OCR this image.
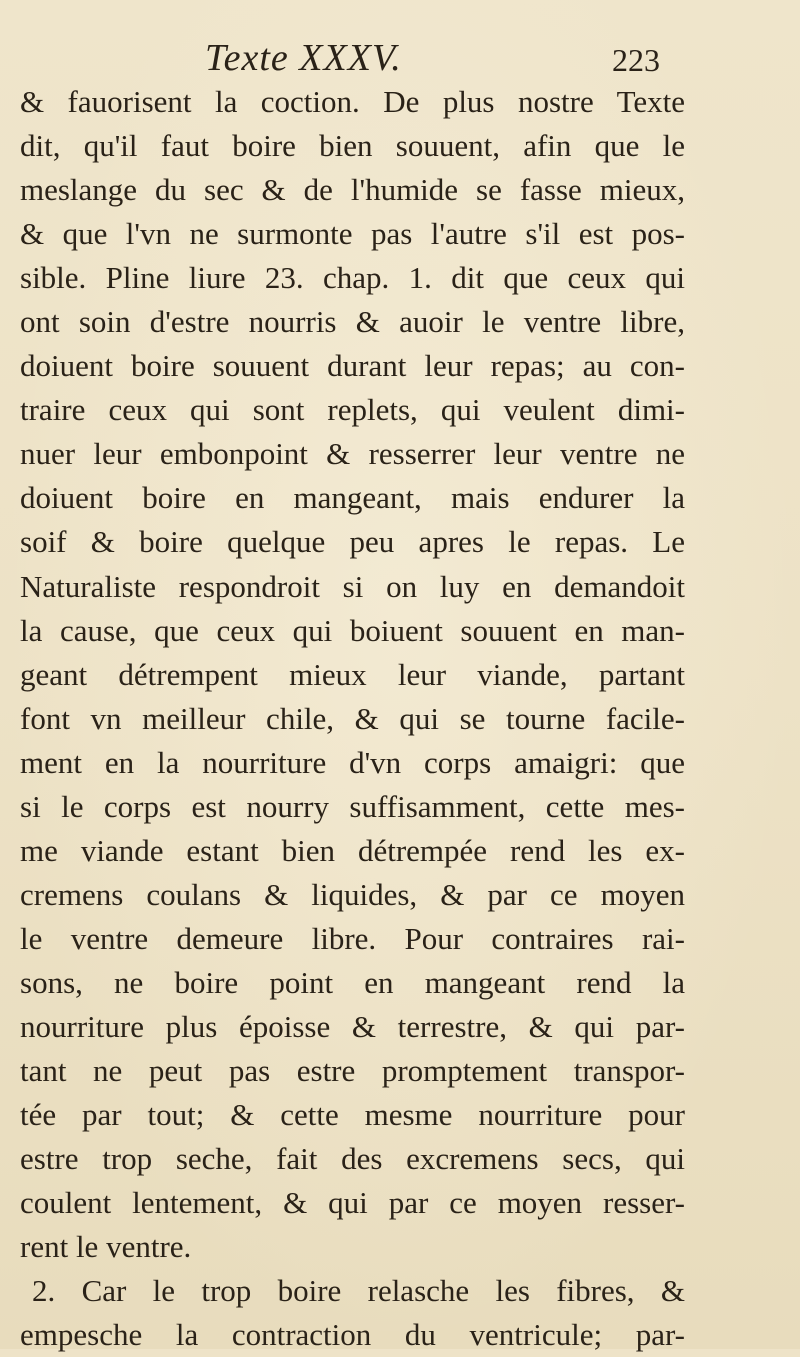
Texte XXXV.	223
& fauorisent la coction. De plus nostre Texte
dit, qu'il faut boire bien souuent, afin que le
meslange du sec & de l'humide se fasse mieux,
& que l'vn ne surmonte pas l'autre s'il est pos-
sible. Pline liure 23. chap. 1. dit que ceux qui
ont soin d'estre nourris & auoir le ventre libre,
doiuent boire souuent durant leur repas; au con-
traire ceux qui sont replets, qui veulent dimi-
nuer leur embonpoint & resserrer leur ventre ne
doiuent boire en mangeant, mais endurer la
soif & boire quelque peu apres le repas. Le
Naturaliste respondroit si on luy en demandoit
la cause, que ceux qui boiuent souuent en man-
geant détrempent mieux leur viande, partant
font vn meilleur chile, & qui se tourne facile-
ment en la nourriture d'vn corps amaigri: que
si le corps est nourry suffisamment, cette mes-
me viande estant bien détrempée rend les ex-
cremens coulans & liquides, & par ce moyen
le ventre demeure libre. Pour contraires rai-
sons, ne boire point en mangeant rend la
nourriture plus époisse & terrestre, & qui par-
tant ne peut pas estre promptement transpor-
tée par tout; & cette mesme nourriture pour
estre trop seche, fait des excremens secs, qui
coulent lentement, & qui par ce moyen resser-
rent le ventre.
2. Car le trop boire relasche les fibres, &
empesche la contraction du ventricule; par-
